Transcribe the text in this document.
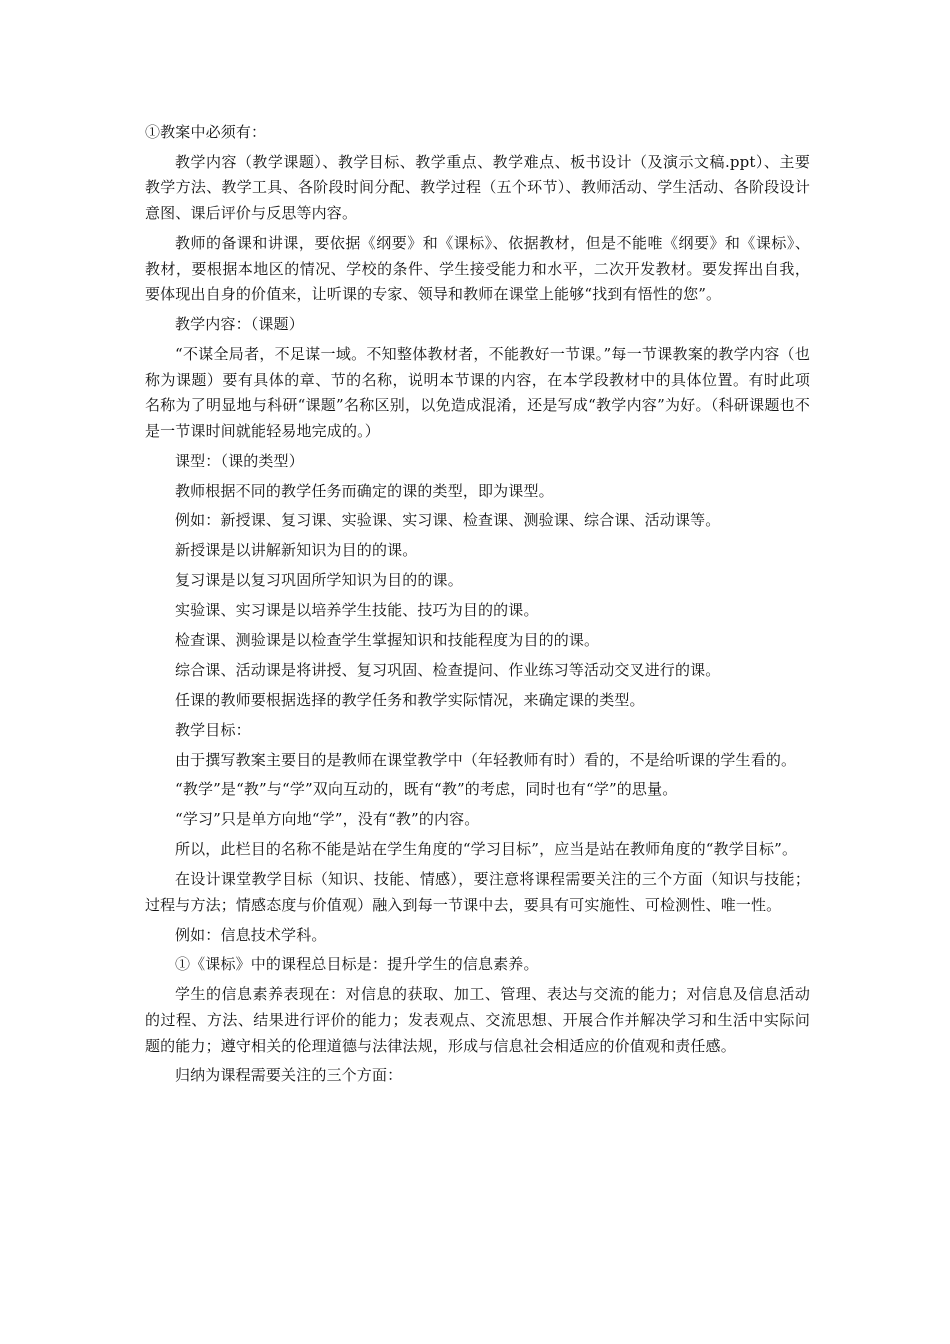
①教案中必须有：

教学内容（教学课题）、教学目标、教学重点、教学难点、板书设计（及演示文稿.ppt）、主要教学方法、教学工具、各阶段时间分配、教学过程（五个环节）、教师活动、学生活动、各阶段设计意图、课后评价与反思等内容。

教师的备课和讲课，要依据《纲要》和《课标》、依据教材，但是不能唯《纲要》和《课标》、教材，要根据本地区的情况、学校的条件、学生接受能力和水平，二次开发教材。要发挥出自我，要体现出自身的价值来，让听课的专家、领导和教师在课堂上能够“找到有悟性的您”。

教学内容：（课题）

“不谋全局者，不足谋一域。不知整体教材者，不能教好一节课。”每一节课教案的教学内容（也称为课题）要有具体的章、节的名称，说明本节课的内容，在本学段教材中的具体位置。有时此项名称为了明显地与科研“课题”名称区别，以免造成混淆，还是写成“教学内容”为好。（科研课题也不是一节课时间就能轻易地完成的。）

课型：（课的类型）

教师根据不同的教学任务而确定的课的类型，即为课型。

例如：新授课、复习课、实验课、实习课、检查课、测验课、综合课、活动课等。

新授课是以讲解新知识为目的的课。

复习课是以复习巩固所学知识为目的的课。

实验课、实习课是以培养学生技能、技巧为目的的课。

检查课、测验课是以检查学生掌握知识和技能程度为目的的课。

综合课、活动课是将讲授、复习巩固、检查提问、作业练习等活动交叉进行的课。

任课的教师要根据选择的教学任务和教学实际情况，来确定课的类型。

教学目标：

由于撰写教案主要目的是教师在课堂教学中（年轻教师有时）看的，不是给听课的学生看的。

“教学”是“教”与“学”双向互动的，既有“教”的考虑，同时也有“学”的思量。

“学习”只是单方向地“学”，没有“教”的内容。

所以，此栏目的名称不能是站在学生角度的“学习目标”，应当是站在教师角度的“教学目标”。

在设计课堂教学目标（知识、技能、情感），要注意将课程需要关注的三个方面（知识与技能；过程与方法；情感态度与价值观）融入到每一节课中去，要具有可实施性、可检测性、唯一性。

例如：信息技术学科。

①《课标》中的课程总目标是：提升学生的信息素养。

学生的信息素养表现在：对信息的获取、加工、管理、表达与交流的能力；对信息及信息活动的过程、方法、结果进行评价的能力；发表观点、交流思想、开展合作并解决学习和生活中实际问题的能力；遵守相关的伦理道德与法律法规，形成与信息社会相适应的价值观和责任感。

归纳为课程需要关注的三个方面：
